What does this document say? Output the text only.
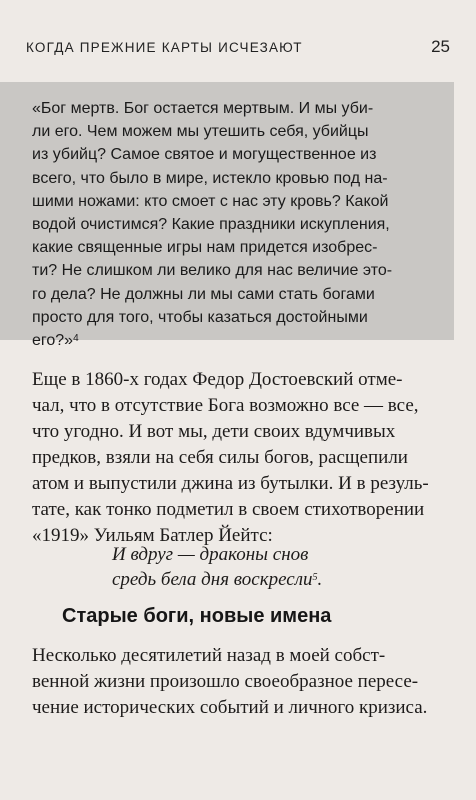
КОГДА ПРЕЖНИЕ КАРТЫ ИСЧЕЗАЮТ	25
«Бог мертв. Бог остается мертвым. И мы уби-
ли его. Чем можем мы утешить себя, убийцы
из убийц? Самое святое и могущественное из
всего, что было в мире, истекло кровью под на-
шими ножами: кто смоет с нас эту кровь? Какой
водой очистимся? Какие праздники искупления,
какие священные игры нам придется изобрес-
ти? Не слишком ли велико для нас величие это-
го дела? Не должны ли мы сами стать богами
просто для того, чтобы казаться достойными
его?»$^4$
Еще в 1860-х годах Федор Достоевский отме-
чал, что в отсутствие Бога возможно все — все,
что угодно. И вот мы, дети своих вдумчивых
предков, взяли на себя силы богов, расщепили
атом и выпустили джина из бутылки. И в резуль-
тате, как тонко подметил в своем стихотворении
«1919» Уильям Батлер Йейтс:
И вдруг — драконы снов
средь бела дня воскресли$^5$.
Старые боги, новые имена
Несколько десятилетий назад в моей собст-
венной жизни произошло своеобразное пересе-
чение исторических событий и личного кризиса.
